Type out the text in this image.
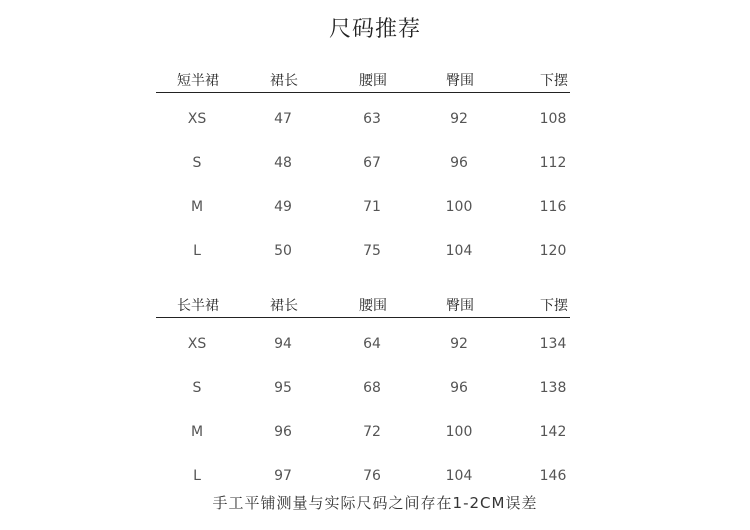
尺码推荐
短半裙	裙长	腰围	臀围	下摆
XS	47	63	92	108
S	48	67	96	112
M	49	71	100	116
L	50	75	104	120
长半裙	裙长	腰围	臀围	下摆
XS	94	64	92	134
S	95	68	96	138
M	96	72	100	142
L	97	76	104	146
手工平铺测量与实际尺码之间存在1-2CM误差
